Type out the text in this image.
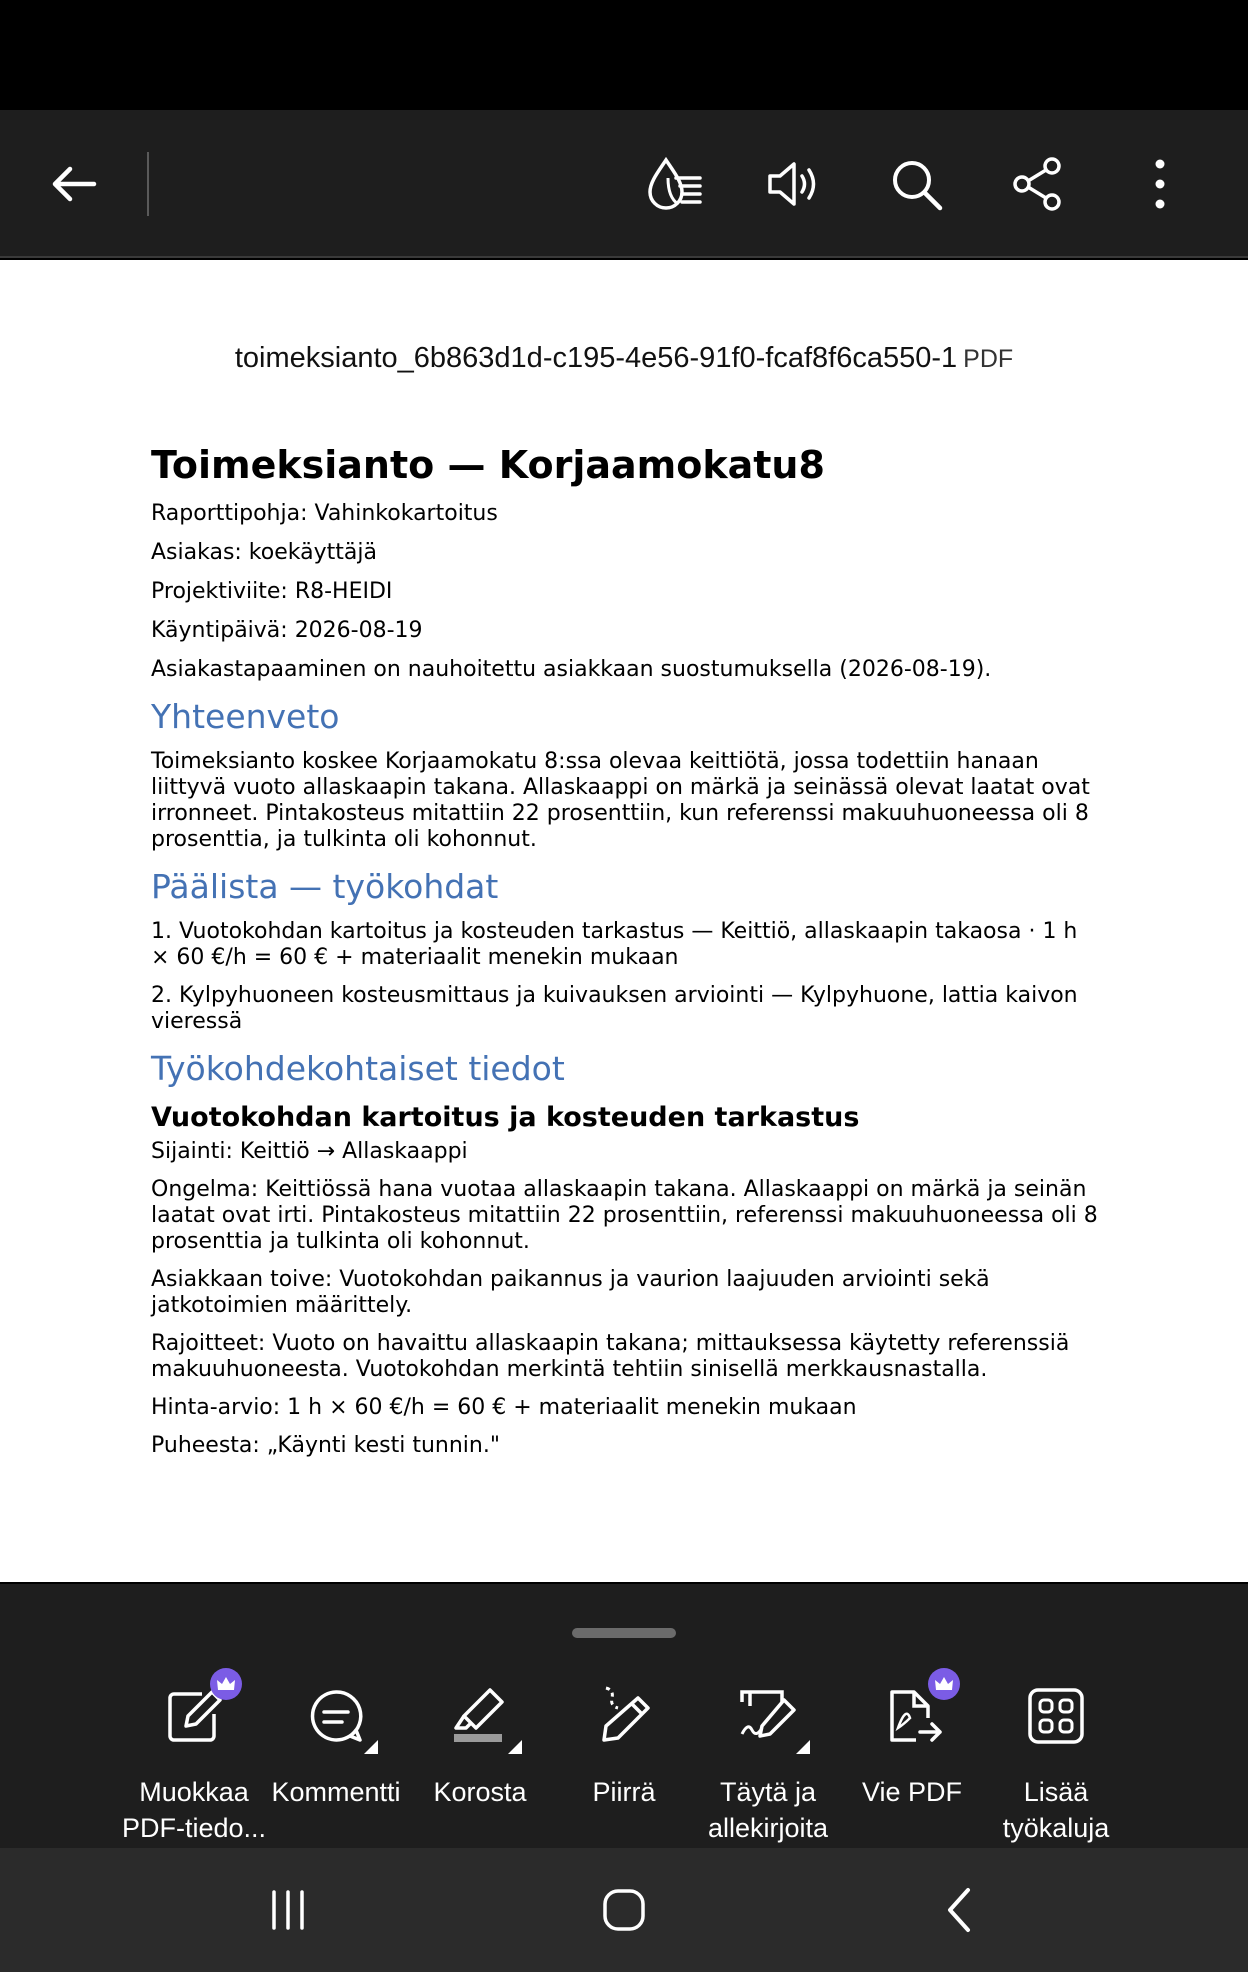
toimeksianto_6b863d1d-c195-4e56-91f0-fcaf8f6ca550-1 PDF
Toimeksianto — Korjaamokatu8
Raporttipohja: Vahinkokartoitus
Asiakas: koekäyttäjä
Projektiviite: R8-HEIDI
Käyntipäivä: 2026-08-19
Asiakastapaaminen on nauhoitettu asiakkaan suostumuksella (2026-08-19).
Yhteenveto
Toimeksianto koskee Korjaamokatu 8:ssa olevaa keittiötä, jossa todettiin hanaan liittyvä vuoto allaskaapin takana. Allaskaappi on märkä ja seinässä olevat laatat ovat irronneet. Pintakosteus mitattiin 22 prosenttiin, kun referenssi makuuhuoneessa oli 8 prosenttia, ja tulkinta oli kohonnut.
Päälista — työkohdat
1. Vuotokohdan kartoitus ja kosteuden tarkastus — Keittiö, allaskaapin takaosa · 1 h × 60 €/h = 60 € + materiaalit menekin mukaan
2. Kylpyhuoneen kosteusmittaus ja kuivauksen arviointi — Kylpyhuone, lattia kaivon vieressä
Työkohdekohtaiset tiedot
Vuotokohdan kartoitus ja kosteuden tarkastus
Sijainti: Keittiö → Allaskaappi
Ongelma: Keittiössä hana vuotaa allaskaapin takana. Allaskaappi on märkä ja seinän laatat ovat irti. Pintakosteus mitattiin 22 prosenttiin, referenssi makuuhuoneessa oli 8 prosenttia ja tulkinta oli kohonnut.
Asiakkaan toive: Vuotokohdan paikannus ja vaurion laajuuden arviointi sekä jatkotoimien määrittely.
Rajoitteet: Vuoto on havaittu allaskaapin takana; mittauksessa käytetty referenssiä makuuhuoneesta. Vuotokohdan merkintä tehtiin sinisellä merkkausnastalla.
Hinta-arvio: 1 h × 60 €/h = 60 € + materiaalit menekin mukaan
Puheesta: „Käynti kesti tunnin."
Muokkaa
PDF-tiedo...
Kommentti	Korosta	Piirrä	Täytä ja
allekirjoita
Vie PDF	Lisää
työkaluja
